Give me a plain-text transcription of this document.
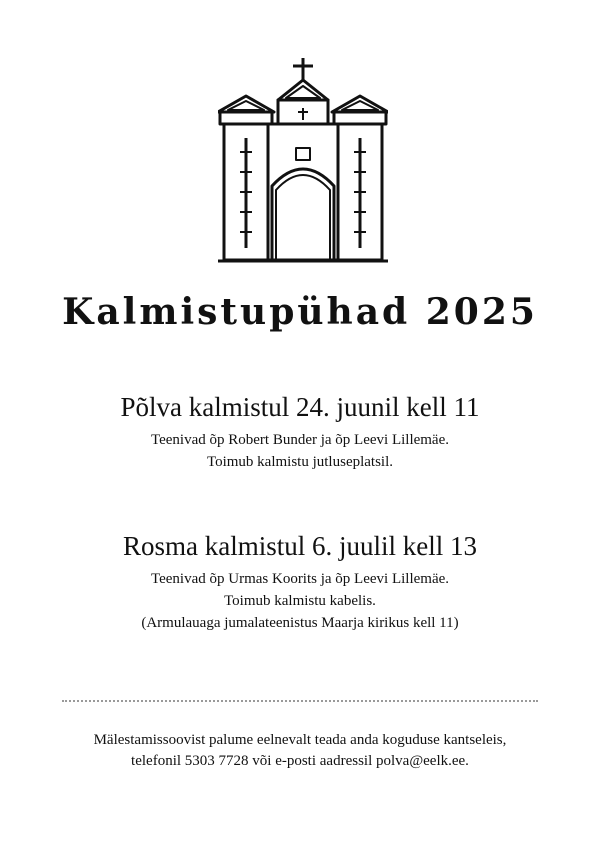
Kalmistupühad 2025
Põlva kalmistul 24. juunil kell 11

Teenivad õp Robert Bunder ja õp Leevi Lillemäe.

Toimub kalmistu jutluseplatsil.

Rosma kalmistul 6. juulil kell 13

Teenivad õp Urmas Koorits ja õp Leevi Lillemäe.

Toimub kalmistu kabelis.

(Armulauaga jumalateenistus Maarja kirikus kell 11)

Mälestamissoovist palume eelnevalt teada anda koguduse kantseleis,

telefonil 5303 7728 või e-posti aadressil polva@eelk.ee.
